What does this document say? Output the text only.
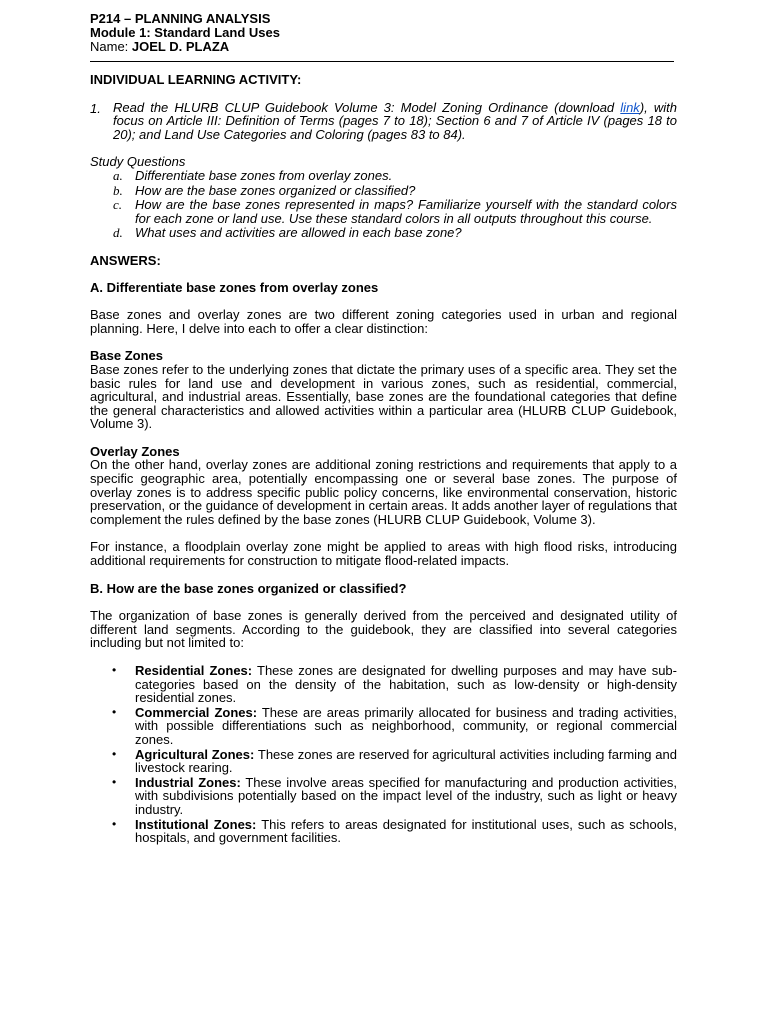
P214 – PLANNING ANALYSIS
Module 1: Standard Land Uses
Name: JOEL D. PLAZA

INDIVIDUAL LEARNING ACTIVITY:

1. Read the HLURB CLUP Guidebook Volume 3: Model Zoning Ordinance (download link), with focus on Article III: Definition of Terms (pages 7 to 18); Section 6 and 7 of Article IV (pages 18 to 20); and Land Use Categories and Coloring (pages 83 to 84).

Study Questions

a. Differentiate base zones from overlay zones.
b. How are the base zones organized or classified?
c. How are the base zones represented in maps? Familiarize yourself with the standard colors for each zone or land use. Use these standard colors in all outputs throughout this course.
d. What uses and activities are allowed in each base zone?

ANSWERS:

A. Differentiate base zones from overlay zones

Base zones and overlay zones are two different zoning categories used in urban and regional planning. Here, I delve into each to offer a clear distinction:

Base Zones

Base zones refer to the underlying zones that dictate the primary uses of a specific area. They set the basic rules for land use and development in various zones, such as residential, commercial, agricultural, and industrial areas. Essentially, base zones are the foundational categories that define the general characteristics and allowed activities within a particular area (HLURB CLUP Guidebook, Volume 3).

Overlay Zones

On the other hand, overlay zones are additional zoning restrictions and requirements that apply to a specific geographic area, potentially encompassing one or several base zones. The purpose of overlay zones is to address specific public policy concerns, like environmental conservation, historic preservation, or the guidance of development in certain areas. It adds another layer of regulations that complement the rules defined by the base zones (HLURB CLUP Guidebook, Volume 3).

For instance, a floodplain overlay zone might be applied to areas with high flood risks, introducing additional requirements for construction to mitigate flood-related impacts.

B. How are the base zones organized or classified?

The organization of base zones is generally derived from the perceived and designated utility of different land segments. According to the guidebook, they are classified into several categories including but not limited to:

• Residential Zones: These zones are designated for dwelling purposes and may have sub-categories based on the density of the habitation, such as low-density or high-density residential zones.
• Commercial Zones: These are areas primarily allocated for business and trading activities, with possible differentiations such as neighborhood, community, or regional commercial zones.
• Agricultural Zones: These zones are reserved for agricultural activities including farming and livestock rearing.
• Industrial Zones: These involve areas specified for manufacturing and production activities, with subdivisions potentially based on the impact level of the industry, such as light or heavy industry.
• Institutional Zones: This refers to areas designated for institutional uses, such as schools, hospitals, and government facilities.
